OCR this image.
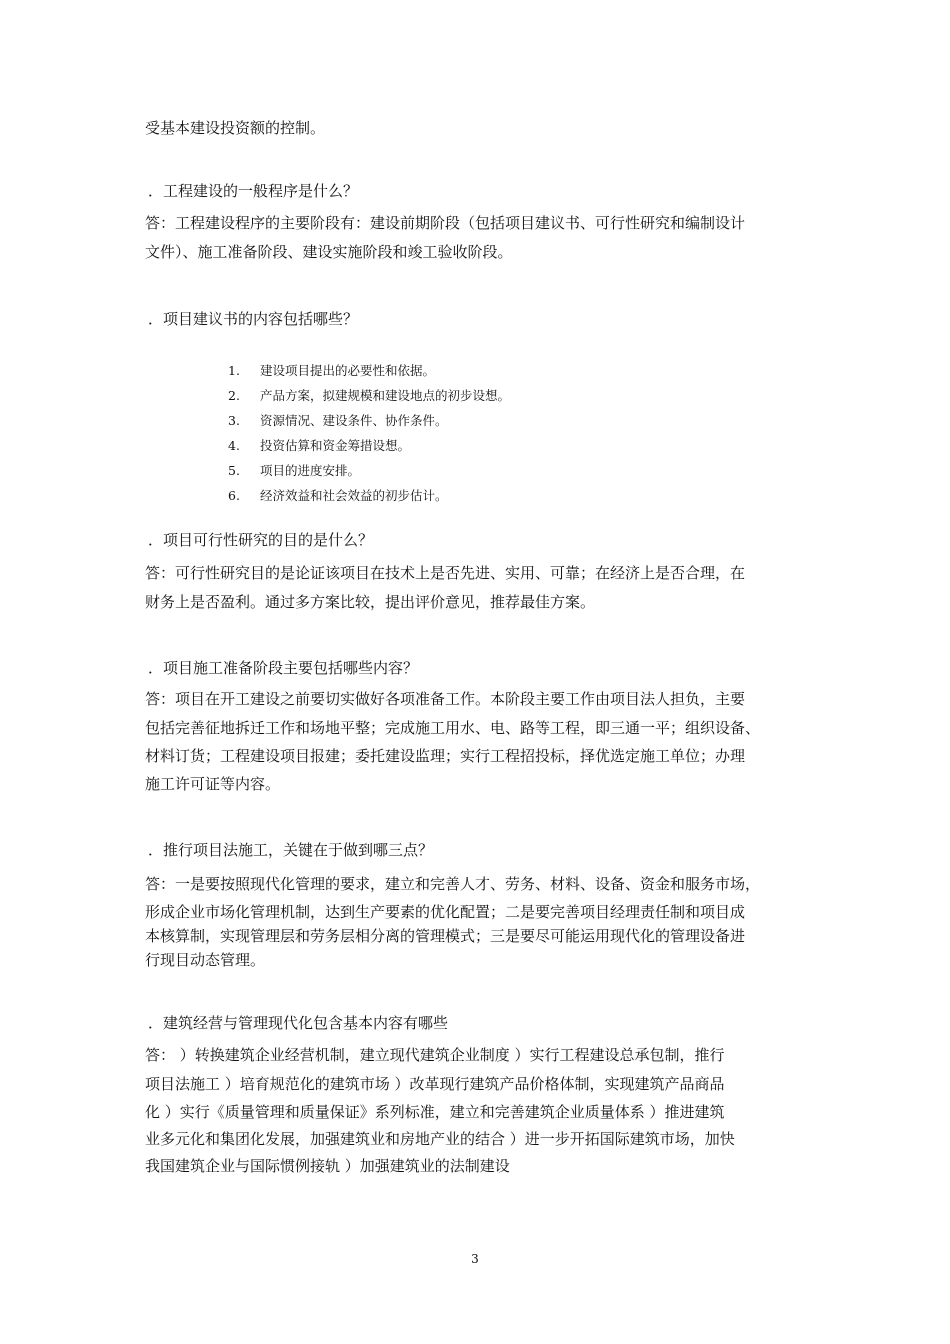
受基本建设投资额的控制。
．工程建设的一般程序是什么？
答：工程建设程序的主要阶段有：建设前期阶段（包括项目建议书、可行性研究和编制设计
文件）、施工准备阶段、建设实施阶段和竣工验收阶段。
．项目建议书的内容包括哪些？
1. 建设项目提出的必要性和依据。
2. 产品方案，拟建规模和建设地点的初步设想。
3. 资源情况、建设条件、协作条件。
4. 投资估算和资金筹措设想。
5. 项目的进度安排。
6. 经济效益和社会效益的初步估计。
．项目可行性研究的目的是什么？
答：可行性研究目的是论证该项目在技术上是否先进、实用、可靠；在经济上是否合理，在
财务上是否盈利。通过多方案比较，提出评价意见，推荐最佳方案。
．项目施工准备阶段主要包括哪些内容？
答：项目在开工建设之前要切实做好各项准备工作。本阶段主要工作由项目法人担负，主要
包括完善征地拆迁工作和场地平整；完成施工用水、电、路等工程，即三通一平；组织设备、
材料订货；工程建设项目报建；委托建设监理；实行工程招投标，择优选定施工单位；办理
施工许可证等内容。
．推行项目法施工，关键在于做到哪三点？
答：一是要按照现代化管理的要求，建立和完善人才、劳务、材料、设备、资金和服务市场，
形成企业市场化管理机制，达到生产要素的优化配置；二是要完善项目经理责任制和项目成
本核算制，实现管理层和劳务层相分离的管理模式；三是要尽可能运用现代化的管理设备进
行现目动态管理。
．建筑经营与管理现代化包含基本内容有哪些
答： ）转换建筑企业经营机制，建立现代建筑企业制度 ）实行工程建设总承包制，推行
项目法施工 ）培育规范化的建筑市场 ）改革现行建筑产品价格体制，实现建筑产品商品
化 ）实行《质量管理和质量保证》系列标准，建立和完善建筑企业质量体系 ）推进建筑
业多元化和集团化发展，加强建筑业和房地产业的结合 ）进一步开拓国际建筑市场，加快
我国建筑企业与国际惯例接轨 ）加强建筑业的法制建设
3
